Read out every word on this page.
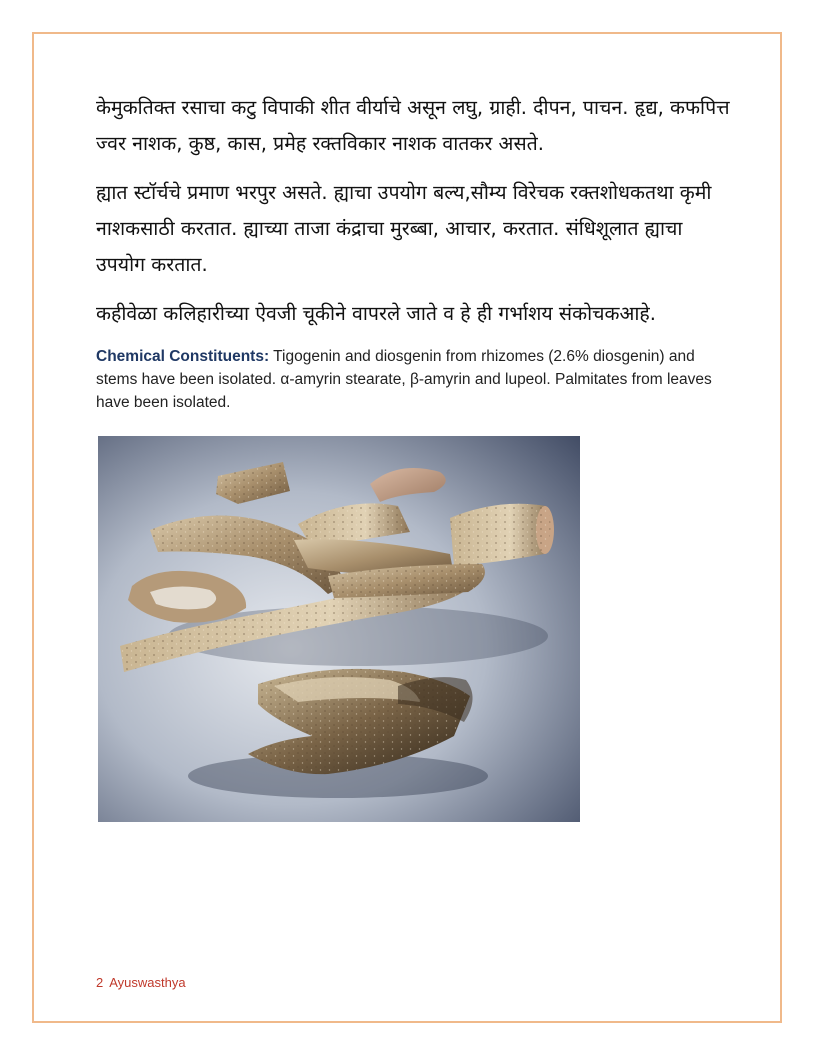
केमुकतिक्त रसाचा कटु विपाकी शीत वीर्याचे असून लघु, ग्राही. दीपन, पाचन. हृद्य, कफपित्त ज्वर नाशक, कुष्ठ, कास, प्रमेह रक्तविकार नाशक वातकर असते.

ह्यात स्टॉर्चचे प्रमाण भरपुर असते. ह्याचा उपयोग बल्य,सौम्य विरेचक रक्तशोधकतथा कृमी नाशकसाठी करतात. ह्याच्या ताजा कंद्राचा मुरब्बा, आचार, करतात. संधिशूलात ह्याचा उपयोग करतात.

कहीवेळा कलिहारीच्या ऐवजी चूकीने वापरले जाते व हे ही गर्भाशय संकोचकआहे.

Chemical Constituents: Tigogenin and diosgenin from rhizomes (2.6% diosgenin) and stems have been isolated. α-amyrin stearate, β-amyrin and lupeol. Palmitates from leaves have been isolated.

2 Ayuswasthya
